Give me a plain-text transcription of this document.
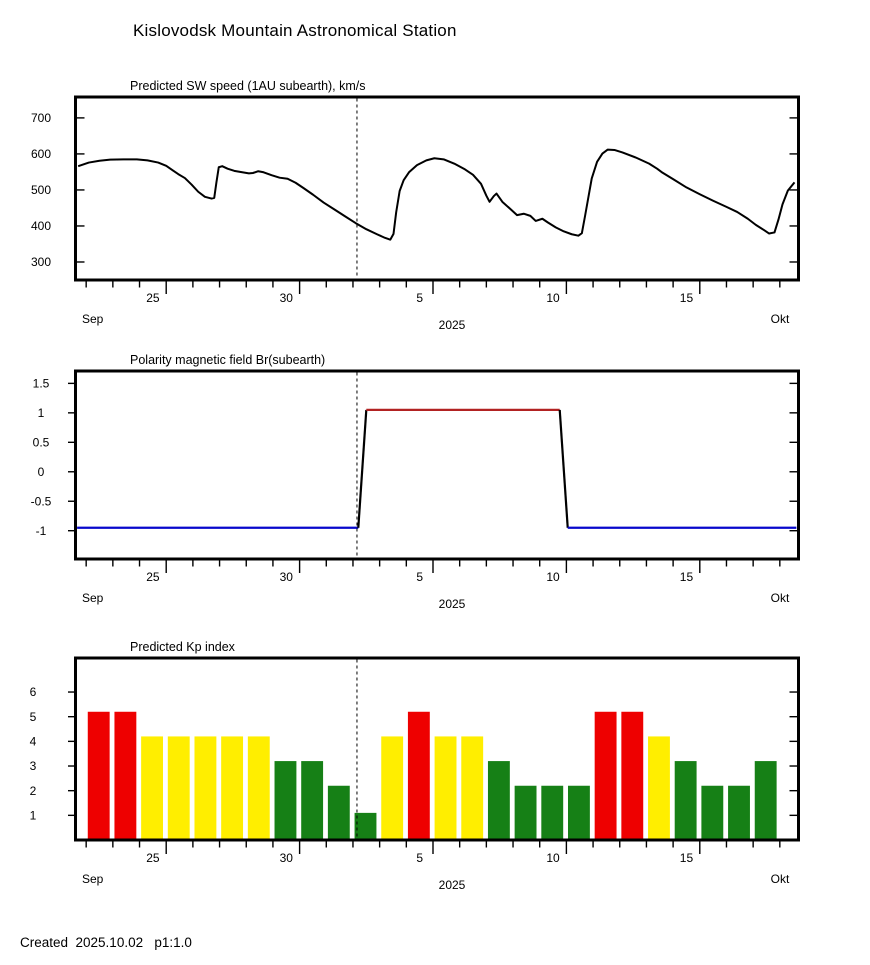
Kislovodsk Mountain Astronomical Station
Predicted SW speed (1AU subearth), km/s
300
400
500
600
700
25	30	5	10	15
Sep	Okt
2025
Polarity magnetic field Br(subearth)
-1
-0.5
0
0.5
1
1.5
25	30	5	10	15
Sep	Okt
2025
Predicted Kp index
1
2
3
4
5
6
25	30	5	10	15
Sep	Okt
2025
Created  2025.10.02   p1:1.0
